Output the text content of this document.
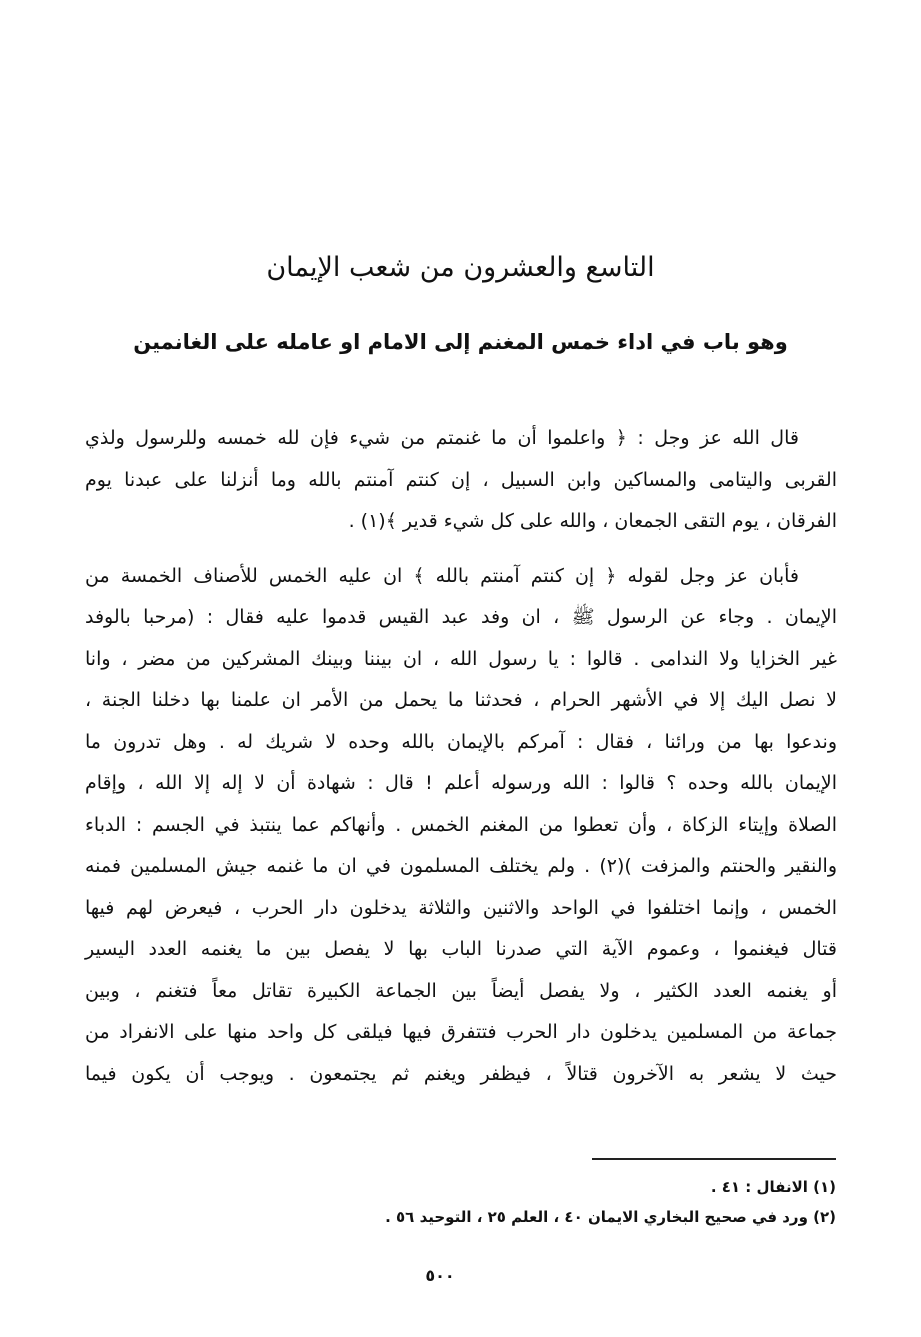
التاسع والعشرون من شعب الإيمان
وهو باب في اداء خمس المغنم إلى الامام او عامله على الغانمين
قال الله عز وجل : ﴿ واعلموا أن ما غنمتم من شيء فإن لله خمسه وللرسول ولذي
القربى واليتامى والمساكين وابن السبيل ، إن كنتم آمنتم بالله وما أنزلنا على عبدنا يوم
الفرقان ، يوم التقى الجمعان ، والله على كل شيء قدير ﴾(١) .
فأبان عز وجل لقوله ﴿ إن كنتم آمنتم بالله ﴾ ان عليه الخمس للأصناف الخمسة من
الإيمان . وجاء عن الرسول ﷺ ، ان وفد عبد القيس قدموا عليه فقال : (مرحبا بالوفد
غير الخزايا ولا الندامى . قالوا : يا رسول الله ، ان بيننا وبينك المشركين من مضر ، وانا
لا نصل اليك إلا في الأشهر الحرام ، فحدثنا ما يحمل من الأمر ان علمنا بها دخلنا الجنة ،
وندعوا بها من ورائنا ، فقال : آمركم بالإيمان بالله وحده لا شريك له . وهل تدرون ما
الإيمان بالله وحده ؟ قالوا : الله ورسوله أعلم ! قال : شهادة أن لا إله إلا الله ، وإقام
الصلاة وإيتاء الزكاة ، وأن تعطوا من المغنم الخمس . وأنهاكم عما ينتبذ في الجسم : الدباء
والنقير والحنتم والمزفت )(٢) . ولم يختلف المسلمون في ان ما غنمه جيش المسلمين فمنه
الخمس ، وإنما اختلفوا في الواحد والاثنين والثلاثة يدخلون دار الحرب ، فيعرض لهم فيها
قتال فيغنموا ، وعموم الآية التي صدرنا الباب بها لا يفصل بين ما يغنمه العدد اليسير
أو يغنمه العدد الكثير ، ولا يفصل أيضاً بين الجماعة الكبيرة تقاتل معاً فتغنم ، وبين
جماعة من المسلمين يدخلون دار الحرب فتتفرق فيها فيلقى كل واحد منها على الانفراد من
حيث لا يشعر به الآخرون قتالاً ، فيظفر ويغنم ثم يجتمعون . ويوجب أن يكون فيما
(١) الانفال : ٤١ .
(٢) ورد في صحيح البخاري الايمان ٤٠ ، العلم ٢٥ ، التوحيد ٥٦ .
٥٠٠
